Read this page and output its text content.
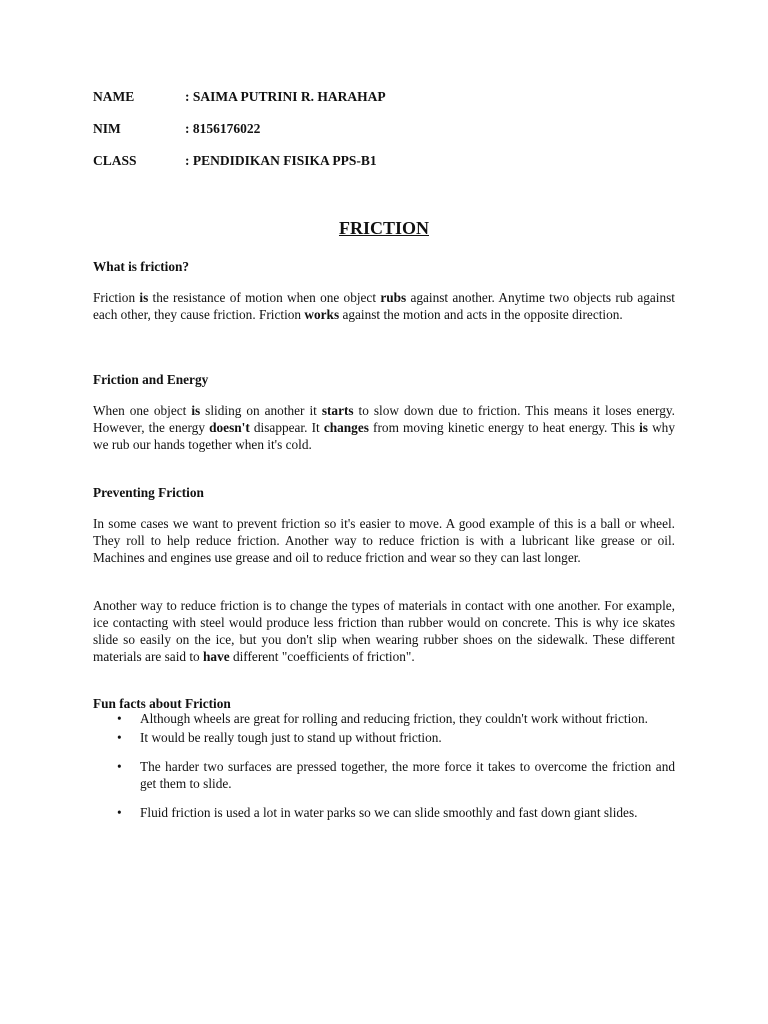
NAME	: SAIMA PUTRINI R. HARAHAP
NIM	: 8156176022
CLASS	: PENDIDIKAN FISIKA PPS-B1
FRICTION
What is friction?
Friction is the resistance of motion when one object rubs against another. Anytime two objects rub against each other, they cause friction. Friction works against the motion and acts in the opposite direction.
Friction and Energy
When one object is sliding on another it starts to slow down due to friction. This means it loses energy. However, the energy doesn't disappear. It changes from moving kinetic energy to heat energy. This is why we rub our hands together when it's cold.
Preventing Friction
In some cases we want to prevent friction so it's easier to move. A good example of this is a ball or wheel. They roll to help reduce friction. Another way to reduce friction is with a lubricant like grease or oil. Machines and engines use grease and oil to reduce friction and wear so they can last longer.
Another way to reduce friction is to change the types of materials in contact with one another. For example, ice contacting with steel would produce less friction than rubber would on concrete. This is why ice skates slide so easily on the ice, but you don't slip when wearing rubber shoes on the sidewalk. These different materials are said to have different "coefficients of friction".
Fun facts about Friction
• Although wheels are great for rolling and reducing friction, they couldn't work without friction.
• It would be really tough just to stand up without friction.
• The harder two surfaces are pressed together, the more force it takes to overcome the friction and get them to slide.
• Fluid friction is used a lot in water parks so we can slide smoothly and fast down giant slides.
